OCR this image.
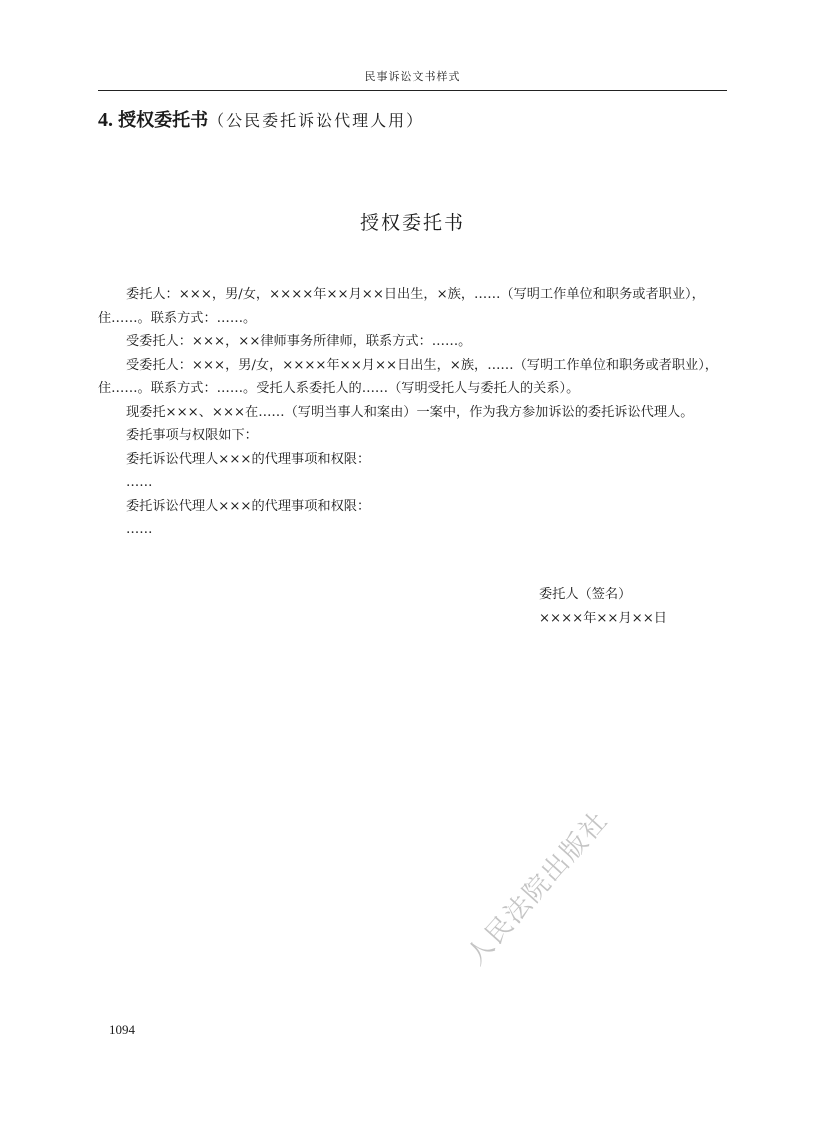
民事诉讼文书样式
4. 授权委托书（公民委托诉讼代理人用）
授权委托书

委托人：×××，男/女，××××年××月××日出生，×族，……（写明工作单位和职务或者职业），住……。联系方式：……。

受委托人：×××，××律师事务所律师，联系方式：……。

受委托人：×××，男/女，××××年××月××日出生，×族，……（写明工作单位和职务或者职业），住……。联系方式：……。受托人系委托人的……（写明受托人与委托人的关系）。

现委托×××、×××在……（写明当事人和案由）一案中，作为我方参加诉讼的委托诉讼代理人。

委托事项与权限如下：

委托诉讼代理人×××的代理事项和权限：

……

委托诉讼代理人×××的代理事项和权限：

……

委托人（签名）
××××年××月××日
人民法院出版社
1094
